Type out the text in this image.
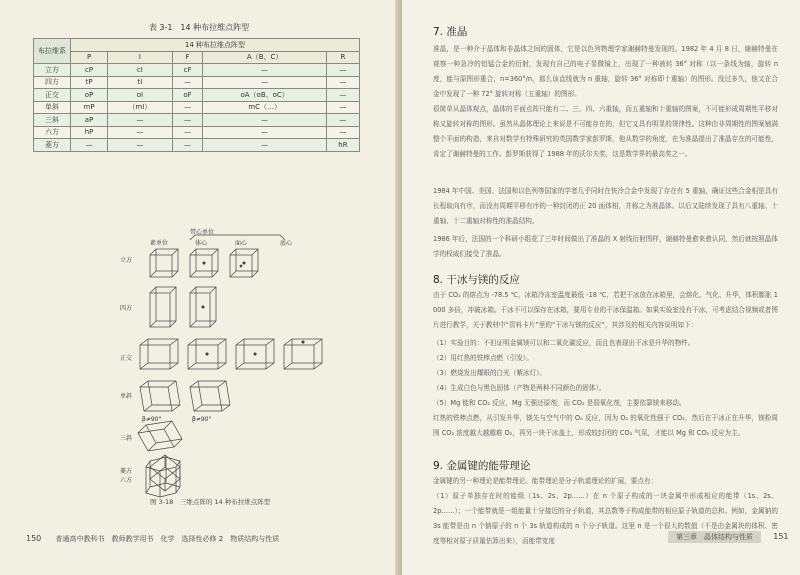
表 3-1　14 种布拉维点阵型
布拉维系	14 种布拉维点阵型				
	P	I	F	A（B、C）	R
立方	cP	cI	cF	—	—
四方	tP	tI	—	—	—
正交	oP	oI	oF	oA（oB、oC）	—
单斜	mP	（mI）	—	mC（…）	—
三斜	aP	—	—	—	—
六方	hP	—	—	—	—
菱方	—	—	—	—	hR
带心单位
素单位	体心	面心	底心
立方
四方
正交
单斜
β≠90°	β≠90°
三斜
六方
菱方
图 3-18　三维点阵的 14 种布拉维点阵型
150 普通高中教科书　教师教学用书　化学　选择性必修 2　物质结构与性质
7. 准晶
准晶，是一种介于晶体和非晶体之间的固体，它是以色列物理学家谢赫特曼发现的。1982 年 4 月 8 日，谢赫特曼在观察一种急冷的铝锰合金的衍射，发现有自己的电子显微镜上，出现了一种被转 36° 对称（以一条线为轴，旋转 n 度，能与原图形重合，n=360°/n，那么该直线就为 n 重轴，旋转 36° 对称即十重轴）的图形。没过多久，他又在合金中发现了一种 72° 旋转对称（五重轴）的图形。
很简单从晶体观点，晶体的平面点阵只能有二、三、四、六重轴，而五重轴和十重轴的图案，不可能形成周期性平移对称又旋转对称的图形。虽然从晶体理论上来说是不可能存在的，但它又具有明显的规律性。这种由非周期性的图案铺满整个平面的构造，来自对数学有特殊研究的英国数学家彭罗斯，他从数学的角度，在为准晶提出了准晶存在的可能性，肯定了谢赫特曼的工作。彭罗斯获得了 1988 年的沃尔夫奖，这是数学界的最高奖之一。
1984 年中国、美国、法国和以色列等国家的学者几乎同时在快冷合金中发现了存在有 5 重轴，确证这些合金相是具有长程取向有序，而没有周期平移有序的一种封闭的正 20 面体相，并称之为准晶体。以后又陆续发现了具有八重轴、十重轴、十二重轴对称性的准晶结构。
1986 年后，法国的一个科研小组花了三年时间做出了准晶的 X 射线衍射图样，谢赫特曼愈来愈认同，然后就按照晶体学的权威们接受了准晶。
8. 干冰与镁的反应
由于 CO₂ 的熔点为 -78.5 ℃，冰箱冷冻室温度最低 -18 ℃，若把干冰放在冰箱里，会熔化、气化、升华，体积膨胀 1 000 多倍，冲破冰箱。干冰不可以保存在冰箱，要用专业的干冰保温箱。如果实验室没有干冰，可考虑结合视频或者图片进行教学，关于教材中“资料卡片”里的“干冰与镁的反应”，其涉及的相关内容说明如下：
（1）实验目的：不但证明金属镁可以和二氧化碳反应，而且也表现出干冰是升华的物件。
（2）用红热的铁棒点燃（引发）。
（3）燃烧发出耀眼的白光（紫冰灯）。
（4）生成白色与黑色固体（产物是两种不同颜色的固体）。
（5）Mg 能和 CO₂ 反应，Mg 无强还原剂，而 CO₂ 是弱氧化剂，主要依靠镁来移动。
红热的铁棒点燃，从引发升华，镁先与空气中的 O₂ 反应，因为 O₂ 的氧化性强于 CO₂，然后在干冰正在升华，镁粉周围 CO₂ 浓度越大越越难 O₂，再另一块干冰盖上，形成较封闭的 CO₂ 气氛，才能以 Mg 和 CO₂ 反应为主。
9. 金属键的能带理论
金属键的另一种理论是能带理论。能带理论是分子轨道理论的扩展，要点有：
（1）原子单独存在时的能级（1s、2s、2p……）在 n 个原子构成的一块金属中形成相应的能带（1s、2s、2p……）；一个能带就是一组能量十分接近的分子轨道，其总数等于构成能带的相应原子轨道的总和。例如，金属钠的 3s 能带是由 n 个钠原子的 n 个 3s 轨道构成的 n 个分子轨道。这里 n 是一个很大的数值（不是由金属块的体积、密度等相对原子质量估算出来），而能带宽度	第三章　晶体结构与性质	151
